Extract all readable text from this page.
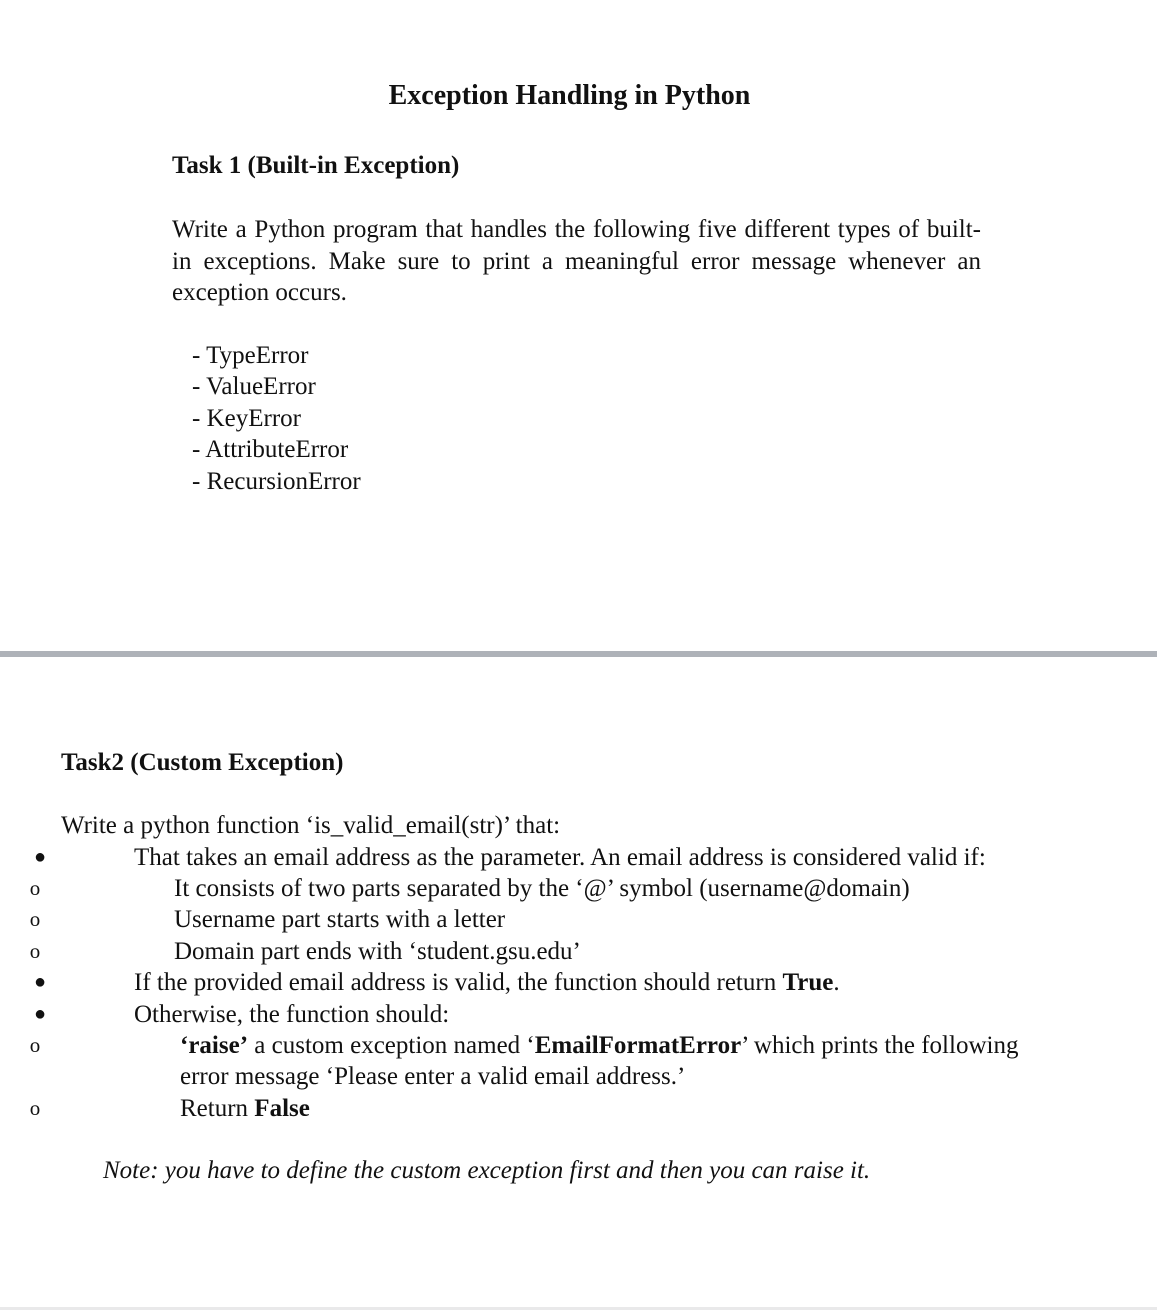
Exception Handling in Python
Task 1 (Built-in Exception)
Write a Python program that handles the following five different types of built-in exceptions. Make sure to print a meaningful error message whenever an exception occurs.
- TypeError
- ValueError
- KeyError
- AttributeError
- RecursionError
Task2 (Custom Exception)
Write a python function ‘is_valid_email(str)’ that:
●	That takes an email address as the parameter. An email address is considered valid if:
o	It consists of two parts separated by the ‘@’ symbol (username@domain)
o	Username part starts with a letter
o	Domain part ends with ‘student.gsu.edu’
●	If the provided email address is valid, the function should return True.
●	Otherwise, the function should:
o	‘raise’ a custom exception named ‘EmailFormatError’ which prints the following
error message ‘Please enter a valid email address.’
o	Return False
Note: you have to define the custom exception first and then you can raise it.
